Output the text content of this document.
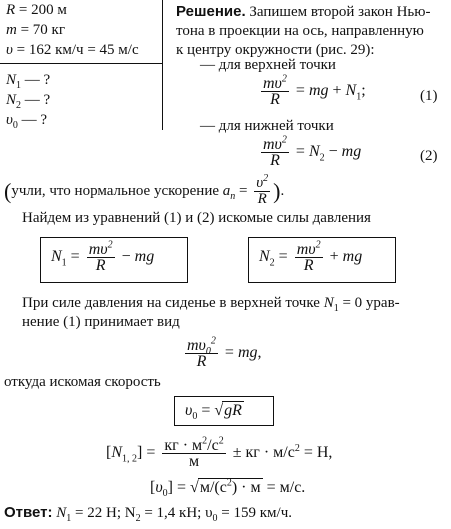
R = 200 м
m = 70 кг
υ = 162 км/ч = 45 м/с
$N_1$ — ?
$N_2$ — ?
$\upsilon_0$ — ?
Решение. Запишем второй закон Нью-
тона в проекции на ось, направленную
к центру окружности (рис. 29):
— для верхней точки
$\frac{m\upsilon^2}{R}$ = mg + $N_1$;	(1)
— для нижней точки
$\frac{m\upsilon^2}{R} = N_2$ − mg	(2)
(учли, что нормальное ускорение $a_n = \frac{\upsilon^2}{R}$ ).
Найдем из уравнений (1) и (2) искомые силы давления
$N_1 = \frac{m\upsilon^2}{R}$ − mg	$N_2 = \frac{m\upsilon^2}{R}$ + mg
При силе давления на сиденье в верхней точке $N_1 = 0$ урав-
нение (1) принимает вид
$\frac{m\upsilon_0^2}{R}$ = mg,
откуда искомая скорость
$\upsilon_0 = √gR$
$[N_{1, 2}] = \frac{кг \cdot м^2/с^2}{м}$ ± кг · $м/с^2 = Н$,
$[\upsilon_0] = √м/(с^2) \cdot м = м/с$.
Ответ: $N_1 = 22$ Н; $N_2 = 1,4$ кН; $\upsilon_0 = 159$ км/ч.
